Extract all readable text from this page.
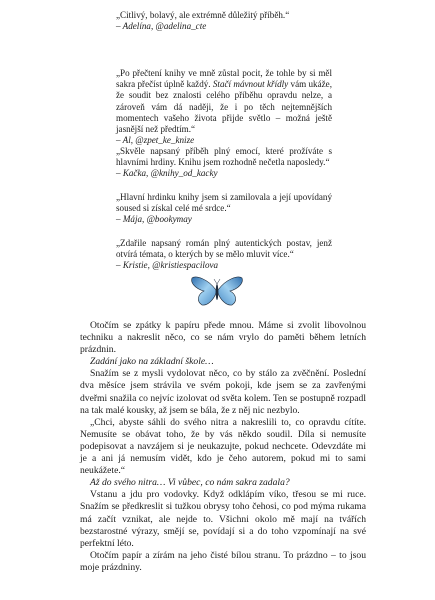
„Citlivý, bolavý, ale extrémně důležitý příběh.“
– Adelína, @adelina_cte
„Po přečtení knihy ve mně zůstal pocit, že tohle by si měl sakra přečíst úplně každý. Stačí mávnout křídly vám ukáže, že soudit bez znalosti celého příběhu opravdu nelze, a zároveň vám dá naději, že i po těch nejtemnějších momentech vašeho života přijde světlo – možná ještě jasnější než předtím.“
– Al, @zpet_ke_knize
„Skvěle napsaný příběh plný emocí, které prožíváte s hlavními hrdiny. Knihu jsem rozhodně nečetla naposledy.“
– Kačka, @knihy_od_kacky
„Hlavní hrdinku knihy jsem si zamilovala a její upovídaný soused si získal celé mé srdce.“
– Mája, @bookymay
„Zdařile napsaný román plný autentických postav, jenž otvírá témata, o kterých by se mělo mluvit více.“
– Kristie, @kristiespacilova

Otočím se zpátky k papíru přede mnou. Máme si zvolit libovolnou techniku a nakreslit něco, co se nám vrylo do paměti během letních prázdnin.

Zadání jako na základní škole…

Snažím se z mysli vydolovat něco, co by stálo za zvěčnění. Poslední dva měsíce jsem strávila ve svém pokoji, kde jsem se za zavřenými dveřmi snažila co nejvíc izolovat od světa kolem. Ten se postupně rozpadl na tak malé kousky, až jsem se bála, že z něj nic nezbylo.

„Chci, abyste sáhli do svého nitra a nakreslili to, co opravdu cítíte. Nemusíte se obávat toho, že by vás někdo soudil. Díla si nemusíte podepisovat a navzájem si je neukazujte, pokud nechcete. Odevzdáte mi je a ani já nemusím vidět, kdo je čeho autorem, pokud mi to sami neukážete.“

Až do svého nitra… Vi vůbec, co nám sakra zadala?

Vstanu a jdu pro vodovky. Když odklápím víko, třesou se mi ruce. Snažím se předkreslit si tužkou obrysy toho čehosi, co pod mýma rukama má začít vznikat, ale nejde to. Všichni okolo mě mají na tvářích bezstarostné výrazy, smějí se, povídají si a do toho vzpomínají na své perfektní léto.

Otočím papír a zírám na jeho čisté bílou stranu. To prázdno – to jsou moje prázdniny.
